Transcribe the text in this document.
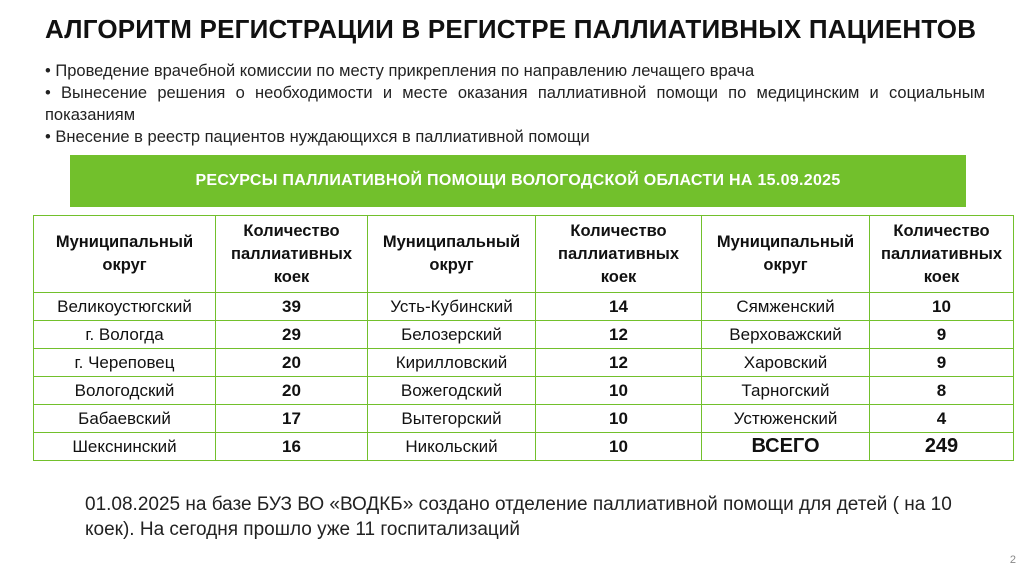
АЛГОРИТМ РЕГИСТРАЦИИ В РЕГИСТРЕ ПАЛЛИАТИВНЫХ ПАЦИЕНТОВ

• Проведение врачебной комиссии по месту прикрепления по направлению лечащего врача

• Вынесение решения о необходимости и месте оказания паллиативной помощи по медицинским и социальным показаниям

• Внесение в реестр пациентов нуждающихся в паллиативной помощи

РЕСУРСЫ ПАЛЛИАТИВНОЙ ПОМОЩИ ВОЛОГОДСКОЙ ОБЛАСТИ НА 15.09.2025
Муниципальный округ	Количество паллиативных коек	Муниципальный округ	Количество паллиативных коек	Муниципальный округ	Количество паллиативных коек
Великоустюгский	39	Усть-Кубинский	14	Сямженский	10
г. Вологда	29	Белозерский	12	Верховажский	9
г. Череповец	20	Кирилловский	12	Харовский	9
Вологодский	20	Вожегодский	10	Тарногский	8
Бабаевский	17	Вытегорский	10	Устюженский	4
Шекснинский	16	Никольский	10	ВСЕГО	249
01.08.2025 на базе БУЗ ВО «ВОДКБ» создано отделение паллиативной помощи для детей ( на 10 коек). На сегодня прошло уже 11 госпитализаций
2
